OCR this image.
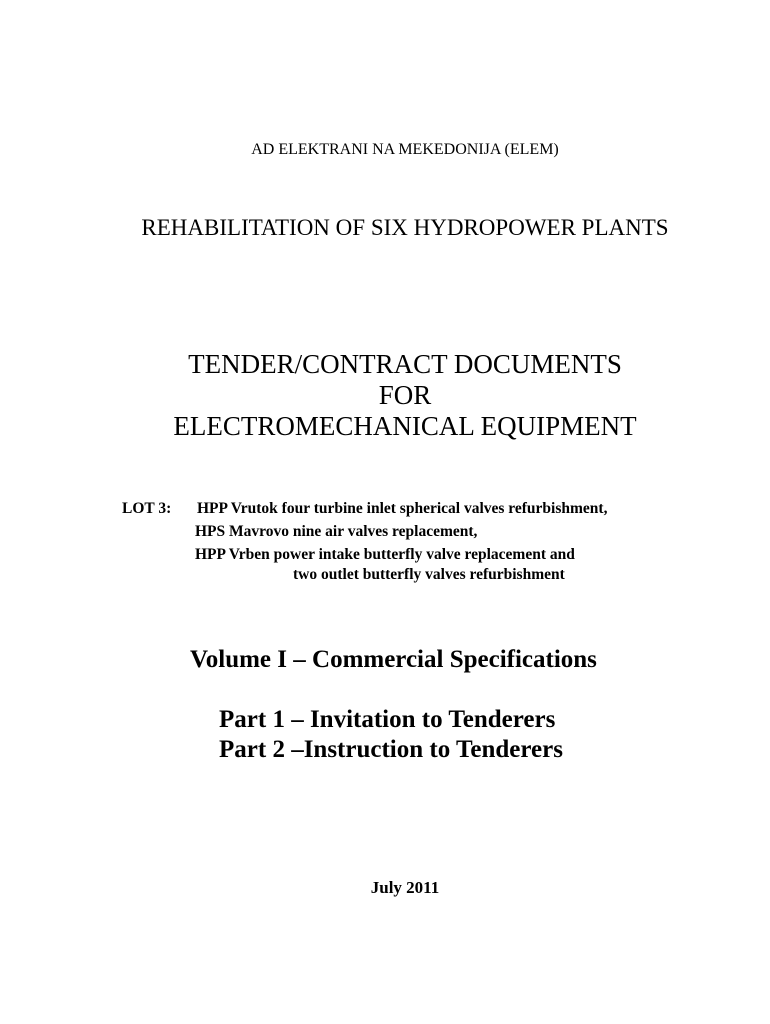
AD ELEKTRANI NA MEKEDONIJA (ELEM)
REHABILITATION OF SIX HYDROPOWER PLANTS
TENDER/CONTRACT DOCUMENTS
FOR
ELECTROMECHANICAL EQUIPMENT
LOT 3: HPP Vrutok four turbine inlet spherical valves refurbishment,
HPS Mavrovo nine air valves replacement,
HPP Vrben power intake butterfly valve replacement and
two outlet butterfly valves refurbishment
Volume I – Commercial Specifications
Part 1 – Invitation to Tenderers
Part 2 –Instruction to Tenderers
July 2011
